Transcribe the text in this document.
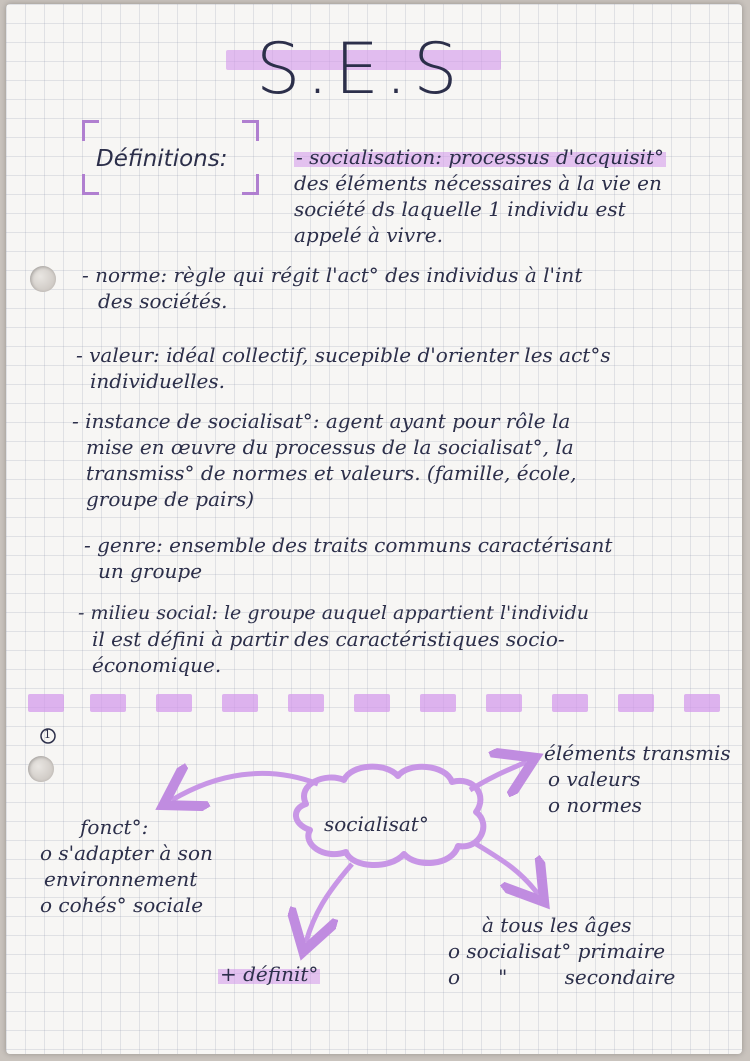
S.E.S
Définitions:	- socialisation: processus d'acquisit°
des éléments nécessaires à la vie en
société ds laquelle 1 individu est
appelé à vivre.
- norme: règle qui régit l'act° des individus à l'int
des sociétés.
- valeur: idéal collectif, sucepible d'orienter les act°s
individuelles.
- instance de socialisat°: agent ayant pour rôle la
mise en œuvre du processus de la socialisat°, la
transmiss° de normes et valeurs. (famille, école,
groupe de pairs)
- genre: ensemble des traits communs caractérisant
un groupe
- milieu social: le groupe auquel appartient l'individu
il est défini à partir des caractéristiques socio-
économique.
1
socialisat°
éléments transmis
o valeurs
o normes
fonct°:
o s'adapter à son
environnement
o cohés° sociale
à tous les âges
o socialisat° primaire
o      "         secondaire
+ définit°
